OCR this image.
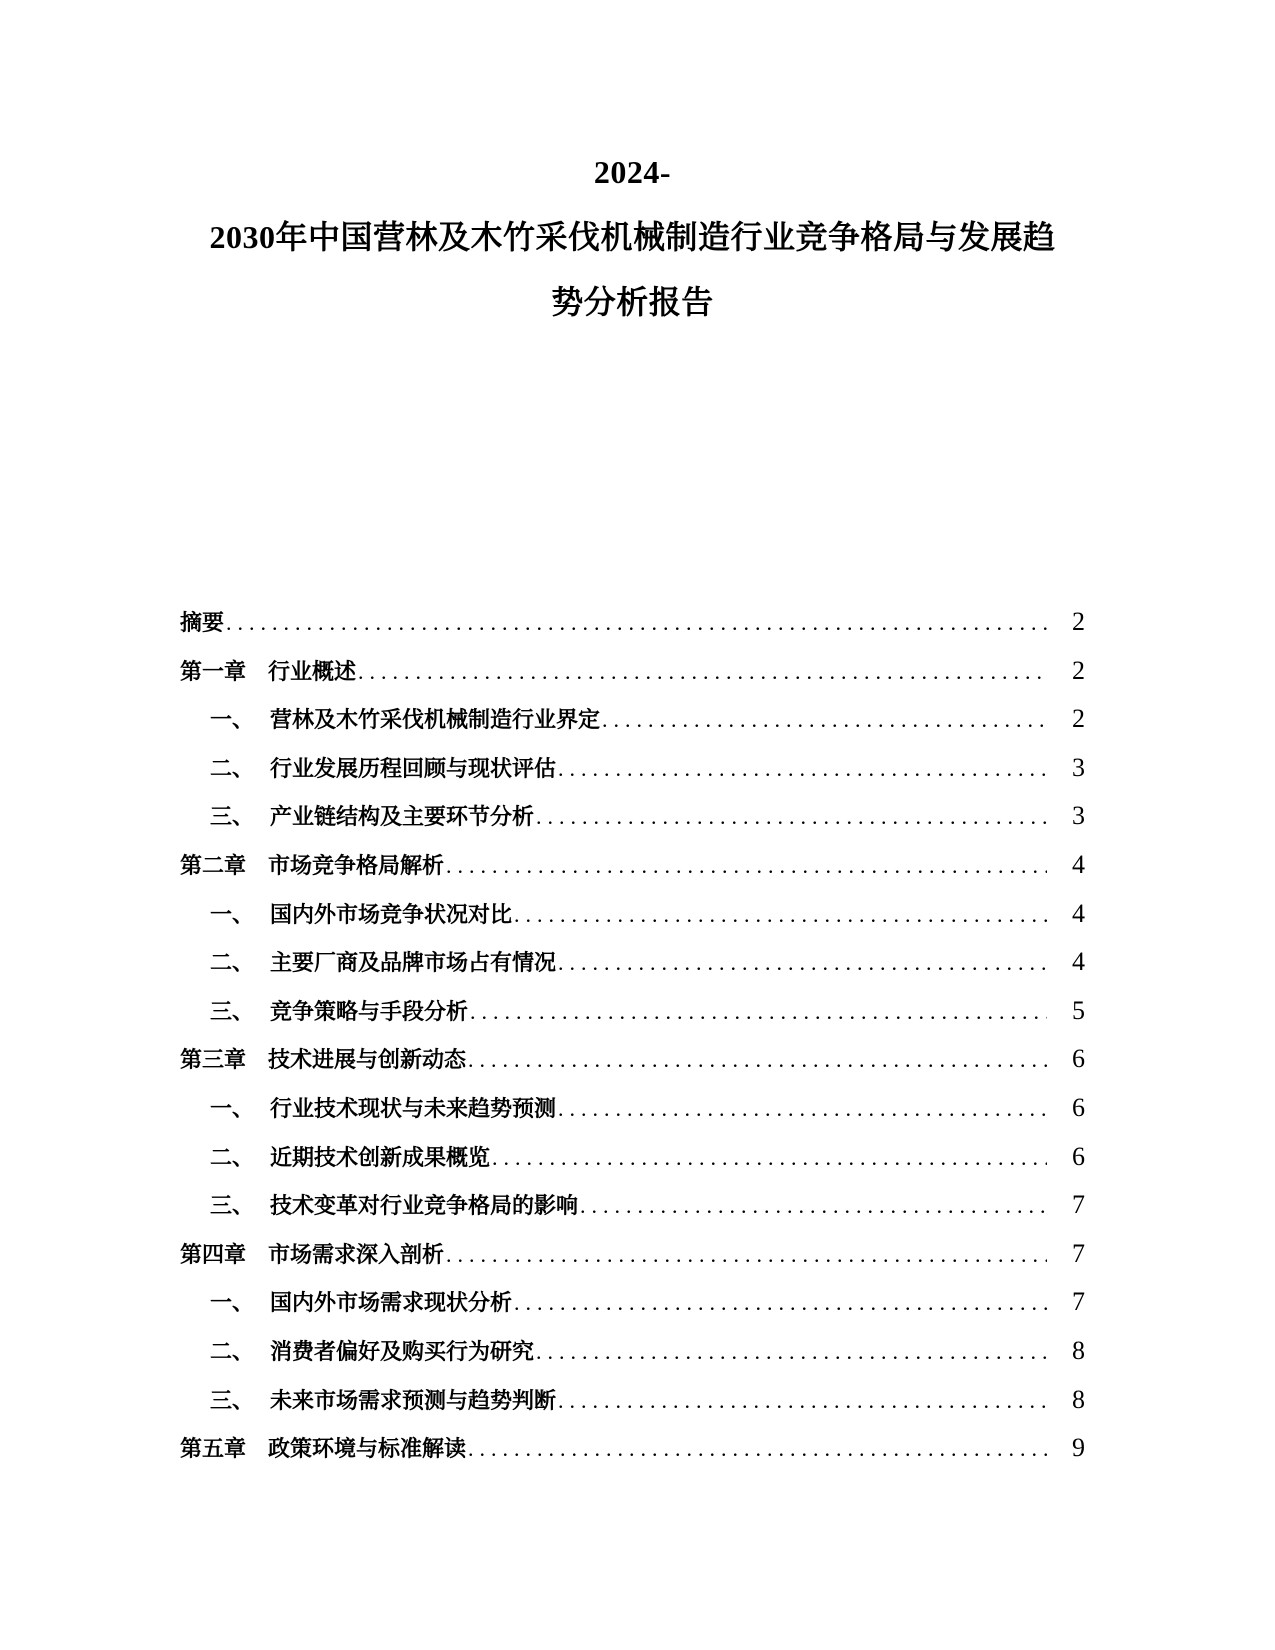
2024-
2030年中国营林及木竹采伐机械制造行业竞争格局与发展趋
势分析报告
摘要 .....	2
第一章 行业概述 .....	2
一、 营林及木竹采伐机械制造行业界定 .....	2
二、 行业发展历程回顾与现状评估 .....	3
三、 产业链结构及主要环节分析 .....	3
第二章 市场竞争格局解析 .....	4
一、 国内外市场竞争状况对比 .....	4
二、 主要厂商及品牌市场占有情况 .....	4
三、 竞争策略与手段分析 .....	5
第三章 技术进展与创新动态 .....	6
一、 行业技术现状与未来趋势预测 .....	6
二、 近期技术创新成果概览 .....	6
三、 技术变革对行业竞争格局的影响 .....	7
第四章 市场需求深入剖析 .....	7
一、 国内外市场需求现状分析 .....	7
二、 消费者偏好及购买行为研究 .....	8
三、 未来市场需求预测与趋势判断 .....	8
第五章 政策环境与标准解读 .....	9
